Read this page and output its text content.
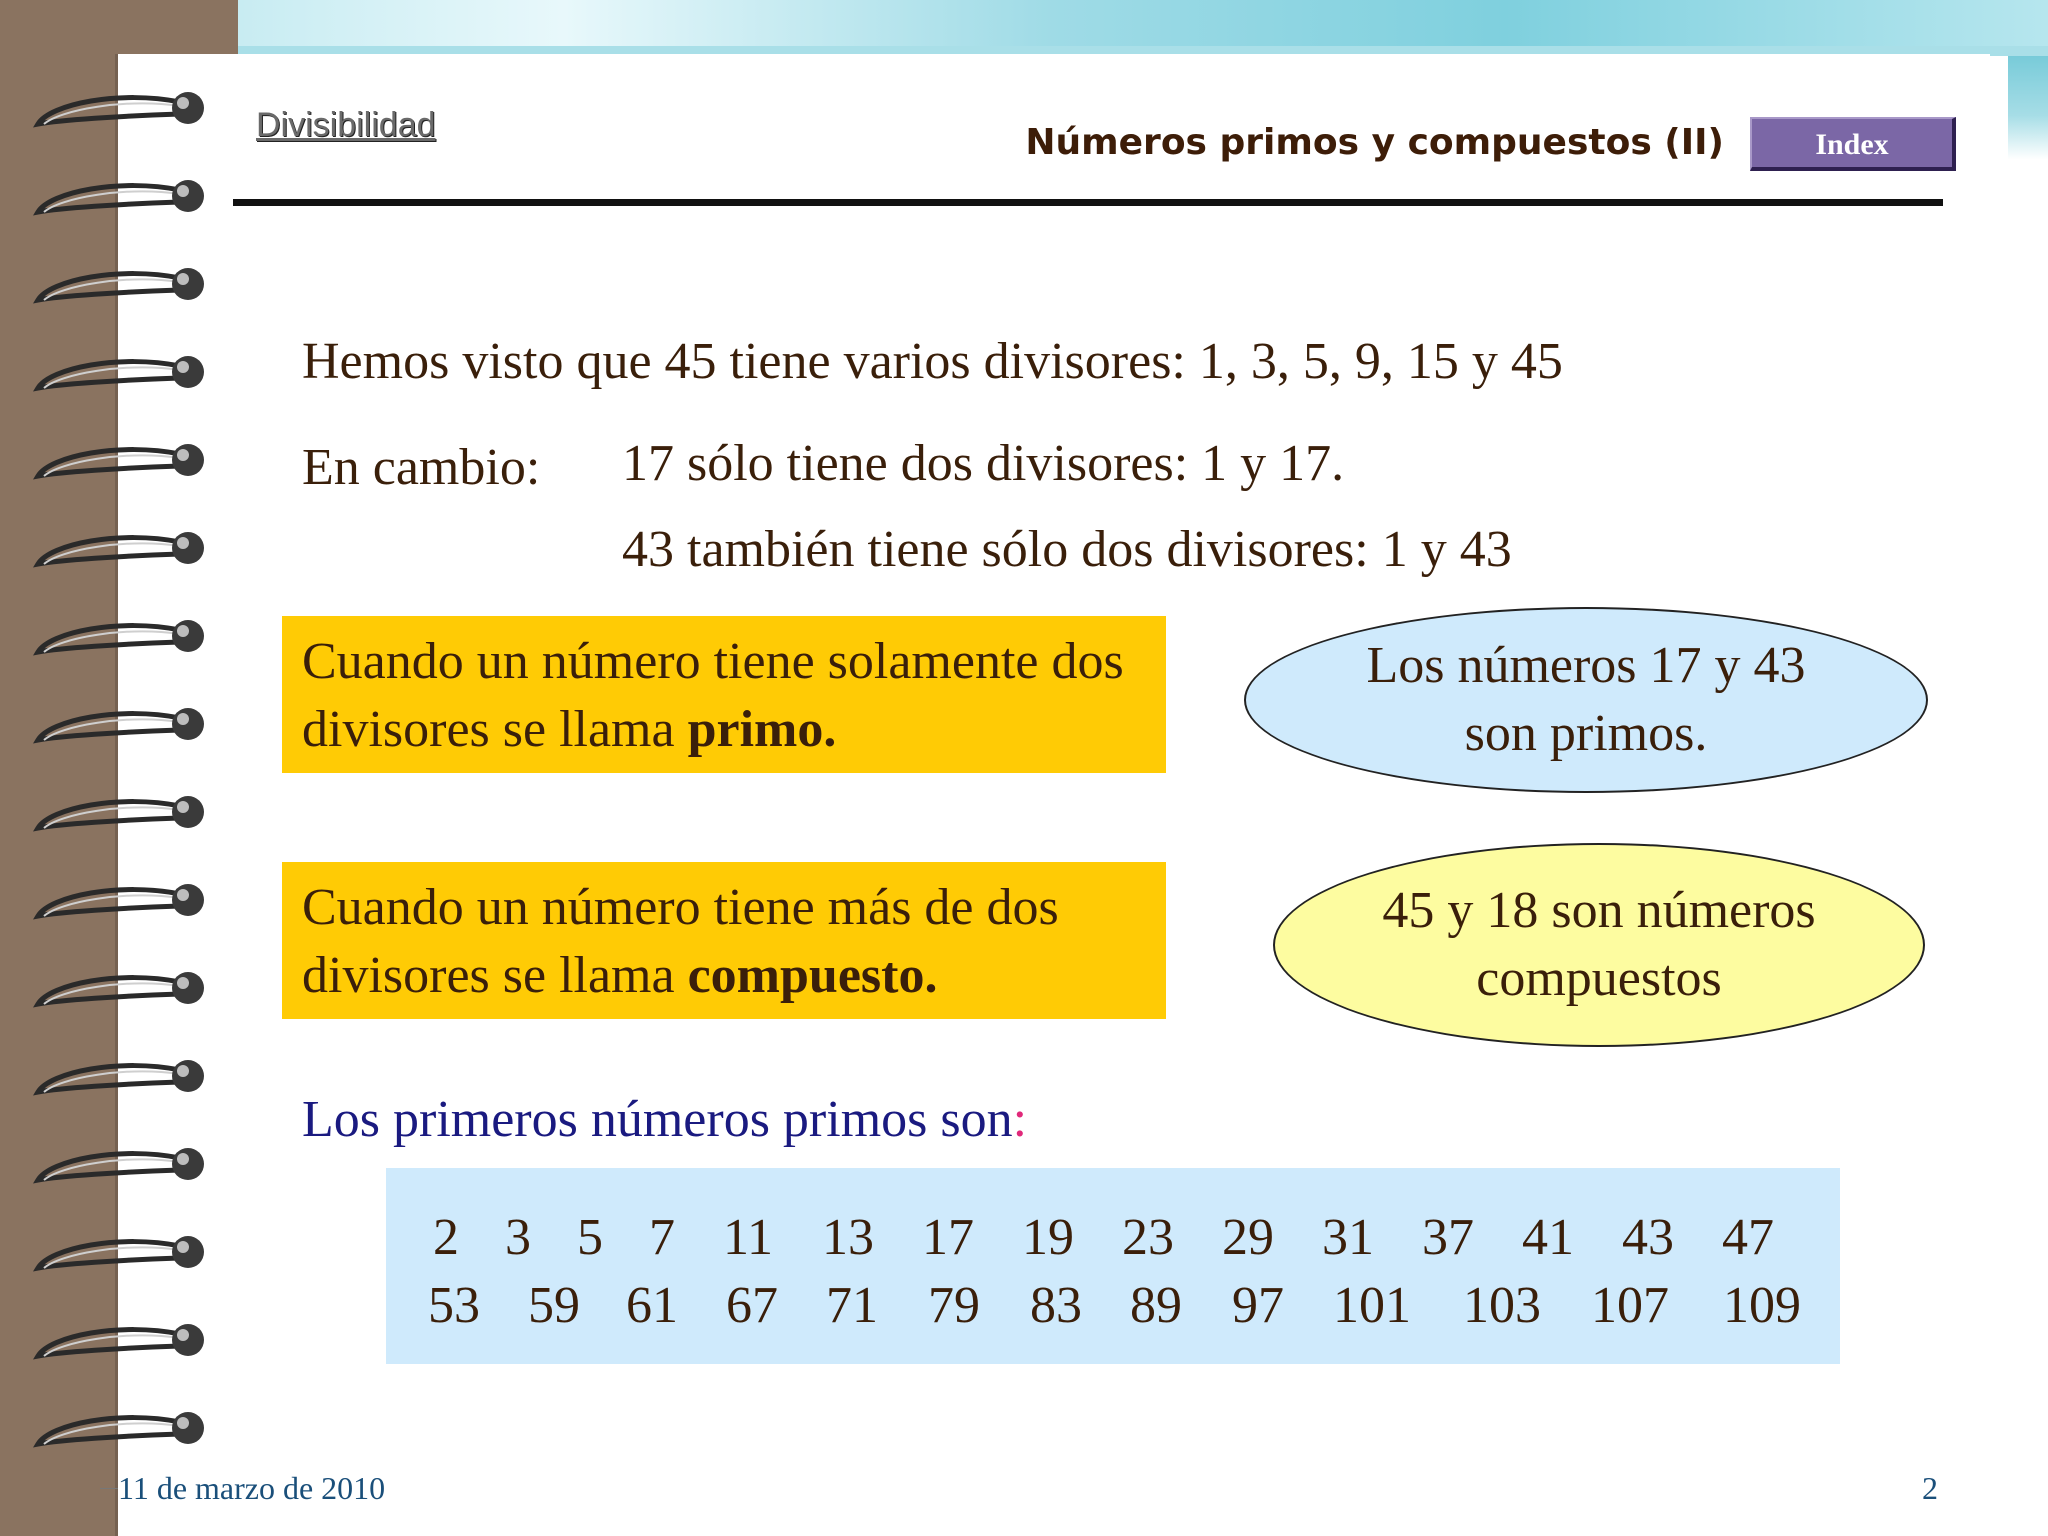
Divisibilidad	Números primos y compuestos (II)	Index
Hemos visto que 45 tiene varios divisores: 1, 3, 5, 9, 15 y 45
En cambio: 17 sólo tiene dos divisores: 1 y 17.
43 también tiene sólo dos divisores: 1 y 43
Cuando un número tiene solamente dos divisores se llama primo.
Los números 17 y 43 son primos.
Cuando un número tiene más de dos divisores se llama compuesto.
45 y 18 son números compuestos
Los primeros números primos son:
2 3 5 7 11 13 17 19 23 29 31 37 41 43 47
53 59 61 67 71 79 83 89 97 101 103 107 109
11 de marzo de 2010	2
